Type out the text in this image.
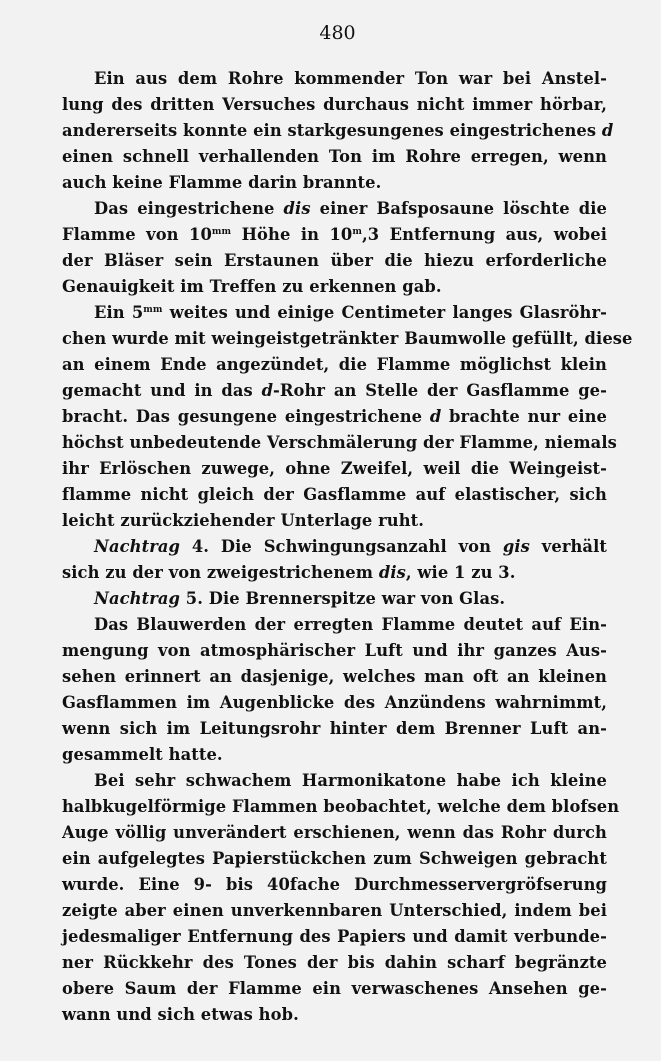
480
Ein aus dem Rohre kommender Ton war bei Anstel-
lung des dritten Versuches durchaus nicht immer hörbar,
andererseits konnte ein starkgesungenes eingestrichenes d
einen schnell verhallenden Ton im Rohre erregen, wenn
auch keine Flamme darin brannte.
Das eingestrichene dis einer Bafsposaune löschte die
Flamme von $10^{mm}$ Höhe in 10$^m$,3 Entfernung aus, wobei
der Bläser sein Erstaunen über die hiezu erforderliche
Genauigkeit im Treffen zu erkennen gab.
Ein $5^{mm}$ weites und einige Centimeter langes Glasröhr-
chen wurde mit weingeistgetränkter Baumwolle gefüllt, diese
an einem Ende angezündet, die Flamme möglichst klein
gemacht und in das d-Rohr an Stelle der Gasflamme ge-
bracht. Das gesungene eingestrichene d brachte nur eine
höchst unbedeutende Verschmälerung der Flamme, niemals
ihr Erlöschen zuwege, ohne Zweifel, weil die Weingeist-
flamme nicht gleich der Gasflamme auf elastischer, sich
leicht zurückziehender Unterlage ruht.
Nachtrag 4. Die Schwingungsanzahl von gis verhält
sich zu der von zweigestrichenem dis, wie 1 zu 3.
Nachtrag 5. Die Brennerspitze war von Glas.
Das Blauwerden der erregten Flamme deutet auf Ein-
mengung von atmosphärischer Luft und ihr ganzes Aus-
sehen erinnert an dasjenige, welches man oft an kleinen
Gasflammen im Augenblicke des Anzündens wahrnimmt,
wenn sich im Leitungsrohr hinter dem Brenner Luft an-
gesammelt hatte.
Bei sehr schwachem Harmonikatone habe ich kleine
halbkugelförmige Flammen beobachtet, welche dem blofsen
Auge völlig unverändert erschienen, wenn das Rohr durch
ein aufgelegtes Papierstückchen zum Schweigen gebracht
wurde. Eine 9- bis 40fache Durchmesservergröfserung
zeigte aber einen unverkennbaren Unterschied, indem bei
jedesmaliger Entfernung des Papiers und damit verbunde-
ner Rückkehr des Tones der bis dahin scharf begränzte
obere Saum der Flamme ein verwaschenes Ansehen ge-
wann und sich etwas hob.
